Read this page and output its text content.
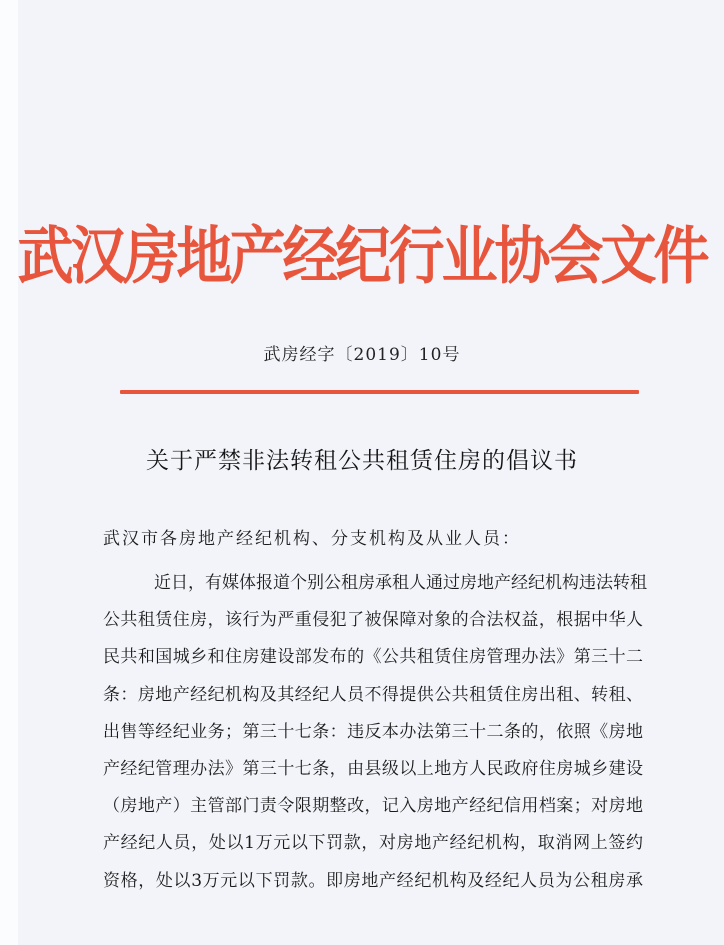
武汉房地产经纪行业协会文件
武房经字〔2019〕10号
关于严禁非法转租公共租赁住房的倡议书
武汉市各房地产经纪机构、分支机构及从业人员：
近日，有媒体报道个别公租房承租人通过房地产经纪机构违法转租
公共租赁住房，该行为严重侵犯了被保障对象的合法权益，根据中华人
民共和国城乡和住房建设部发布的《公共租赁住房管理办法》第三十二
条：房地产经纪机构及其经纪人员不得提供公共租赁住房出租、转租、
出售等经纪业务；第三十七条：违反本办法第三十二条的，依照《房地
产经纪管理办法》第三十七条，由县级以上地方人民政府住房城乡建设
（房地产）主管部门责令限期整改，记入房地产经纪信用档案；对房地
产经纪人员，处以1万元以下罚款，对房地产经纪机构，取消网上签约
资格，处以3万元以下罚款。即房地产经纪机构及经纪人员为公租房承
